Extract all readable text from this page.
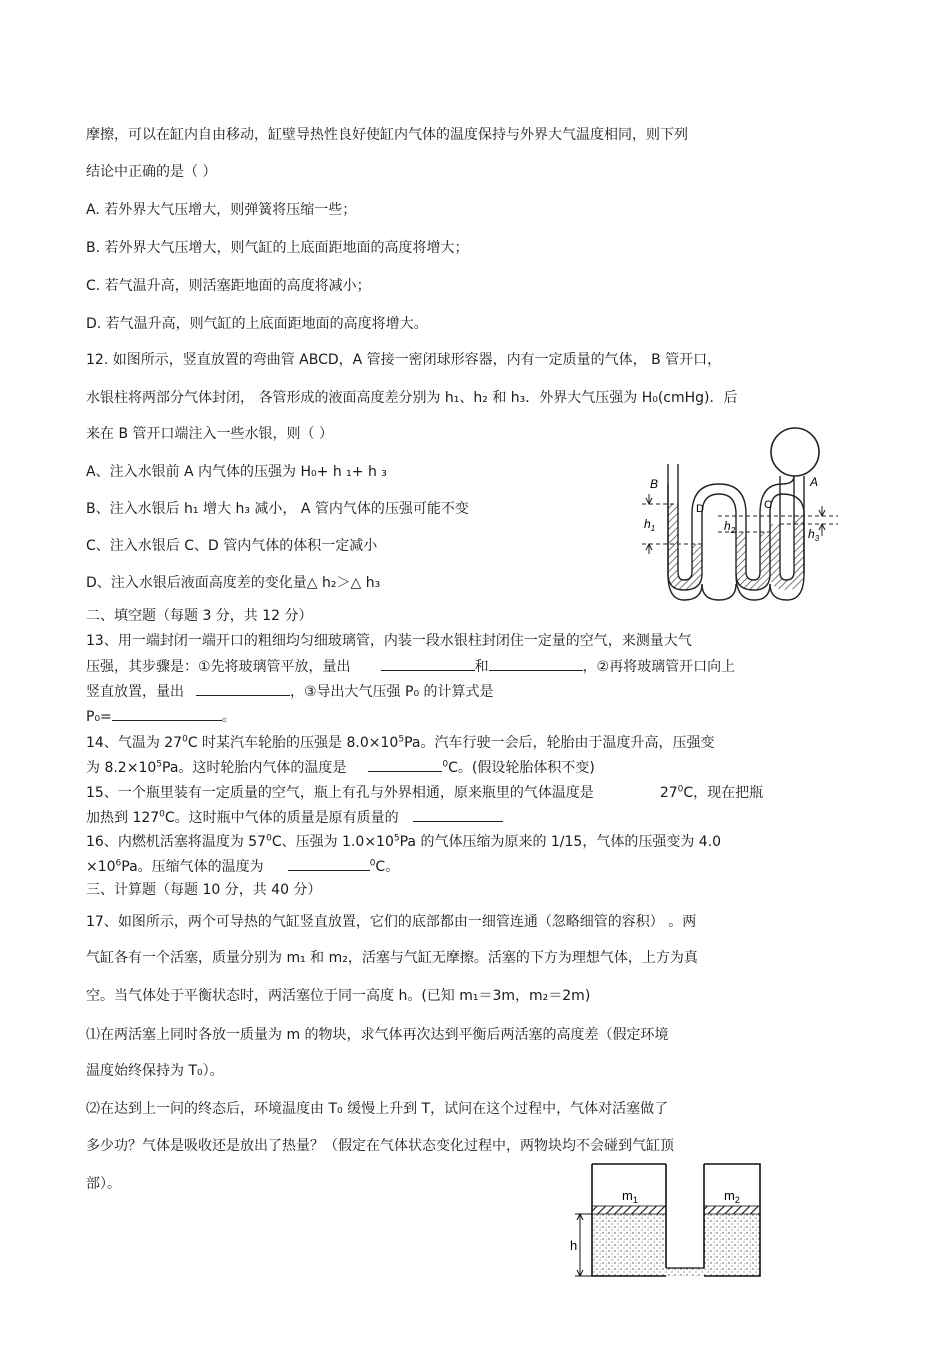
摩擦，可以在缸内自由移动，缸壁导热性良好使缸内气体的温度保持与外界大气温度相同，则下列
结论中正确的是（ ）
A. 若外界大气压增大，则弹簧将压缩一些；
B. 若外界大气压增大，则气缸的上底面距地面的高度将增大；
C. 若气温升高，则活塞距地面的高度将减小；
D. 若气温升高，则气缸的上底面距地面的高度将增大。
12. 如图所示，竖直放置的弯曲管 ABCD，A 管接一密闭球形容器，内有一定质量的气体， B 管开口，
水银柱将两部分气体封闭， 各管形成的液面高度差分别为 h₁、h₂ 和 h₃．外界大气压强为 H₀(cmHg)．后
来在 B 管开口端注入一些水银，则（ ）
A、注入水银前 A 内气体的压强为 H₀+ h ₁+ h ₃
B、注入水银后 h₁ 增大 h₃ 减小， A 管内气体的压强可能不变
C、注入水银后 C、D 管内气体的体积一定减小
D、注入水银后液面高度差的变化量△ h₂＞△ h₃
B	A
D	C
$h_1$	$h_2$	$h_3$
二、填空题（每题 3 分，共 12 分）
13、用一端封闭一端开口的粗细均匀细玻璃管，内装一段水银柱封闭住一定量的空气，来测量大气
压强，其步骤是：①先将玻璃管平放，量出	和	，②再将玻璃管开口向上
竖直放置，量出	，③导出大气压强 P₀ 的计算式是
P₀=	。
14、气温为 $27^0C$ 时某汽车轮胎的压强是 $8.0\times 10^5Pa$。汽车行驶一会后，轮胎由于温度升高，压强变
为 $8.2\times 10^5Pa$。这时轮胎内气体的温度是	$^0$C。(假设轮胎体积不变)
15、一个瓶里装有一定质量的空气，瓶上有孔与外界相通，原来瓶里的气体温度是	$27^0C$，现在把瓶
加热到 $127^0C$。这时瓶中气体的质量是原有质量的
16、内燃机活塞将温度为 $57^0C$、压强为 $1.0\times 10^5Pa$ 的气体压缩为原来的 1/15，气体的压强变为 4.0
$\times 10^6Pa$。压缩气体的温度为	$^0$C。
三、计算题（每题 10 分，共 40 分）
17、如图所示，两个可导热的气缸竖直放置，它们的底部都由一细管连通（忽略细管的容积） 。两
气缸各有一个活塞，质量分别为 m₁ 和 m₂，活塞与气缸无摩擦。活塞的下方为理想气体，上方为真
空。当气体处于平衡状态时，两活塞位于同一高度 h。(已知 m₁＝3m，m₂＝2m)
⑴在两活塞上同时各放一质量为 m 的物块，求气体再次达到平衡后两活塞的高度差（假定环境
温度始终保持为 T₀）。
⑵在达到上一问的终态后，环境温度由 T₀ 缓慢上升到 T，试问在这个过程中，气体对活塞做了
多少功？气体是吸收还是放出了热量？（假定在气体状态变化过程中，两物块均不会碰到气缸顶
部）。
$m_1$	$m_2$
h
